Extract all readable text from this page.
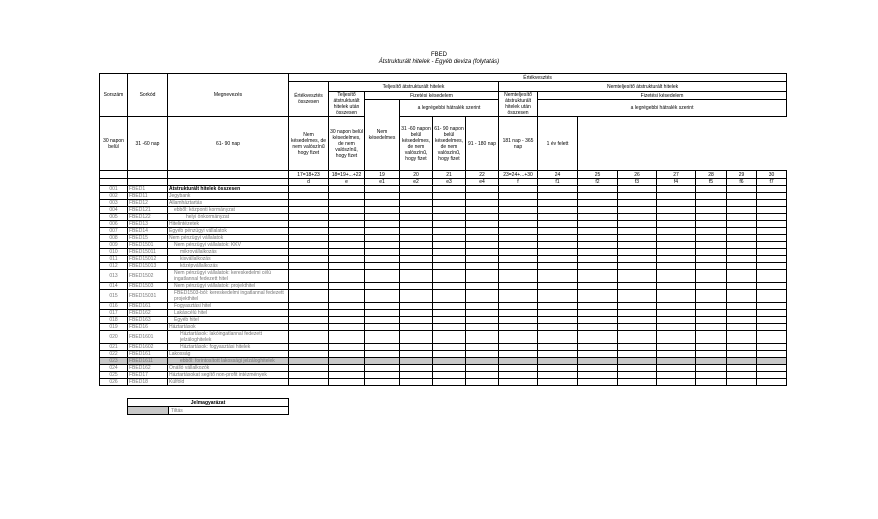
FBED
Átstrukturált hitelek - Egyéb deviza (folytatás)
Sorszám	Sorkód	Megnevezés	Értékvesztés													
			Értékvesztés összesen	Teljesítő átstrukturált hitelek					Nemteljesítő átstrukturált hitelek							
				Teljesítő átstrukturált hitelek után összesen	Fizetési késedelem				Nemteljesítő átstrukturált hitelek után összesen	Fizetési késedelem						
					Nem késedelmes	a legrégebbi hátralék szerint				a legrégebbi hátralék szerint						
30 napon belül	31 -60 nap	61- 90 nap	Nem késedelmes, de nem valószínű hogy fizet	30 napon belül késedelmes, de nem valószínű, hogy fizet		31 -60 napon belül késedelmes, de nem valószínű, hogy fizet	61- 90 napon belül késedelmes, de nem valószínű, hogy fizet	91 - 180 nap	181 nap - 365 nap	1 év felett						
			17=18+23	18=19+...+22	19	20	21	22	23=24+...+30	24	25	26	27	28	29	30
			d	e	e1	e2	e3	e4	f	f1	f2	f3	f4	f5	f6	f7
001	FBED1	Átstrukturált hitelek összesen														
002	FBED11	Jegybank														
003	FBED12	Államháztartás														
004	FBED121	ebből: központi kormányzat														
005	FBED122	helyi önkormányzat														
006	FBED13	Hitelintézetek														
007	FBED14	Egyéb pénzügyi vállalatok														
008	FBED15	Nem pénzügyi vállalatok														
009	FBED1501	Nem pénzügyi vállalatok: KKV														
010	FBED15011	mikrovállalkozás														
011	FBED15012	kisvállalkozás														
012	FBED15013	középvállalkozás														
013	FBED1502	Nem pénzügyi vállalatok: kereskedelmi célú ingatlannal fedezett hitel														
014	FBED1503	Nem pénzügyi vállalatok: projekthitel														
015	FBED15031	FBED1503-ból: kereskedelmi ingatlannal fedezett projekthitel														
016	FBED161	Fogyasztási hitel														
017	FBED162	Lakáscélú hitel														
018	FBED163	Egyéb hitel														
019	FBED16	Háztartások														
020	FBED1601	Háztartások: lakóingatlannal fedezett jelzáloghitelek														
021	FBED1602	Háztartások: fogyasztási hitelek														
022	FBED161	Lakosság														
023	FBED1611	ebből: forintosított lakossági jelzáloghitelek														
024	FBED162	Önálló vállalkozók														
025	FBED17	Háztartásokat segítő non-profit intézmények														
026	FBED18	Külföld														
Jelmagyarázat
	Tiltás
